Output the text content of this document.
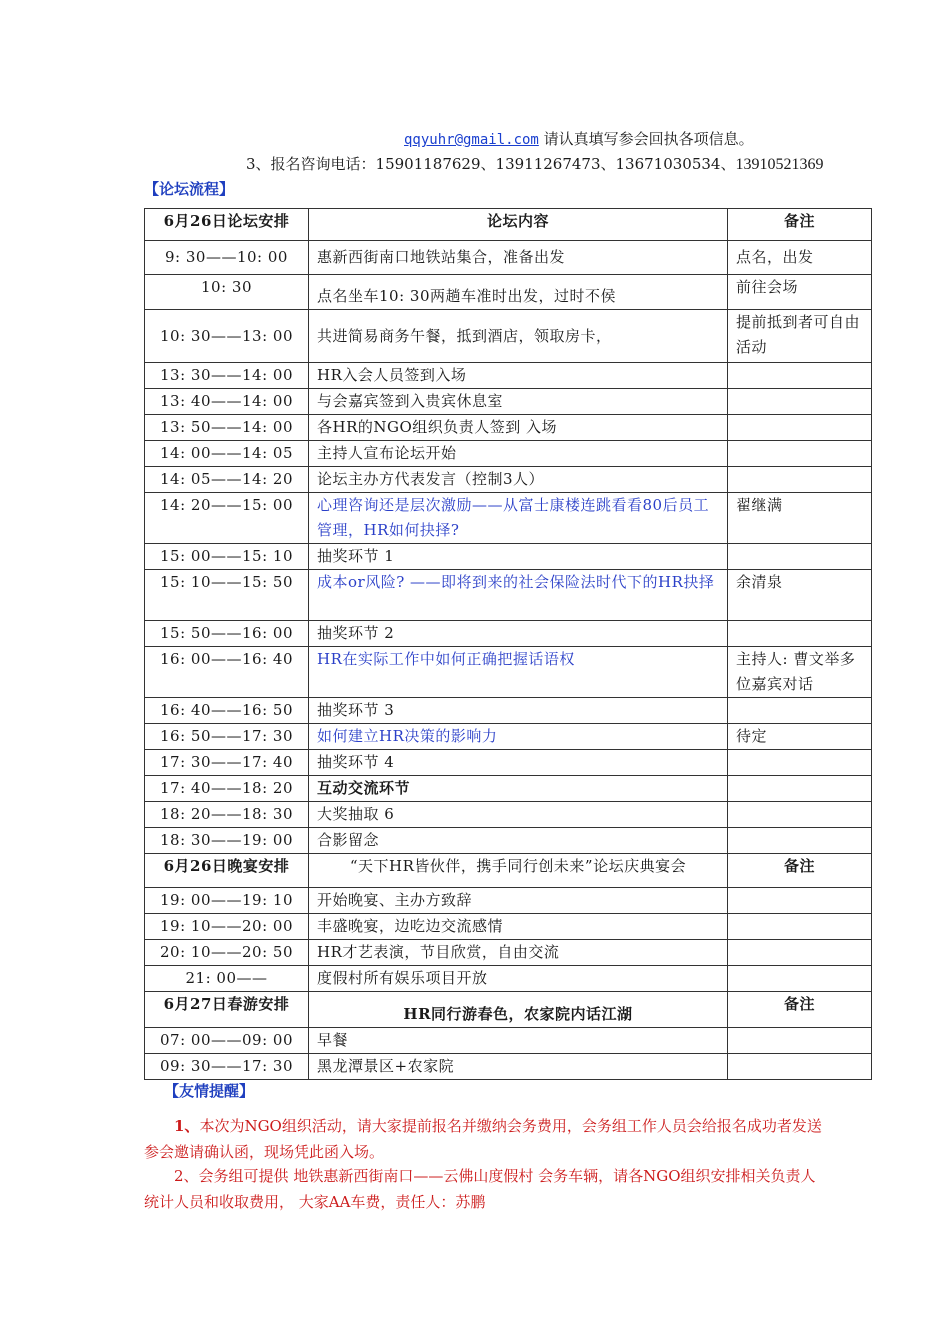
qqyuhr@gmail.com 请认真填写参会回执各项信息。
3、报名咨询电话：15901187629、13911267473、13671030534、13910521369
【论坛流程】
6月26日论坛安排	论坛内容	备注
9: 30——10: 00	惠新西街南口地铁站集合，准备出发	点名，出发
10: 30	点名坐车10: 30两趟车准时出发，过时不侯	前往会场
10: 30——13: 00	共进简易商务午餐，抵到酒店，领取房卡，	提前抵到者可自由活动
13: 30——14: 00	HR入会人员签到入场	
13: 40——14: 00	与会嘉宾签到入贵宾休息室	
13: 50——14: 00	各HR的NGO组织负责人签到 入场	
14: 00——14: 05	主持人宣布论坛开始	
14: 05——14: 20	论坛主办方代表发言（控制3人）	
14: 20——15: 00	心理咨询还是层次激励——从富士康楼连跳看看80后员工管理，HR如何抉择?	翟继满
15: 00——15: 10	抽奖环节 1	
15: 10——15: 50	成本or风险? ——即将到来的社会保险法时代下的HR抉择	余清泉
15: 50——16: 00	抽奖环节 2	
16: 00——16: 40	HR在实际工作中如何正确把握话语权	主持人: 曹文举多位嘉宾对话
16: 40——16: 50	抽奖环节 3	
16: 50——17: 30	如何建立HR决策的影响力	待定
17: 30——17: 40	抽奖环节 4	
17: 40——18: 20	互动交流环节	
18: 20——18: 30	大奖抽取 6	
18: 30——19: 00	合影留念	
6月26日晚宴安排	“天下HR皆伙伴，携手同行创未来”论坛庆典宴会	备注
19: 00——19: 10	开始晚宴、主办方致辞	
19: 10——20: 00	丰盛晚宴，边吃边交流感情	
20: 10——20: 50	HR才艺表演，节目欣赏，自由交流	
21: 00——	度假村所有娱乐项目开放	
6月27日春游安排	HR同行游春色，农家院内话江湖	备注
07: 00——09: 00	早餐	
09: 30——17: 30	黑龙潭景区+农家院	
【友情提醒】
1、本次为NGO组织活动，请大家提前报名并缴纳会务费用，会务组工作人员会给报名成功者发送参会邀请确认函，现场凭此函入场。
2、会务组可提供 地铁惠新西街南口——云佛山度假村 会务车辆，请各NGO组织安排相关负责人统计人员和收取费用， 大家AA车费，责任人：苏鹏
